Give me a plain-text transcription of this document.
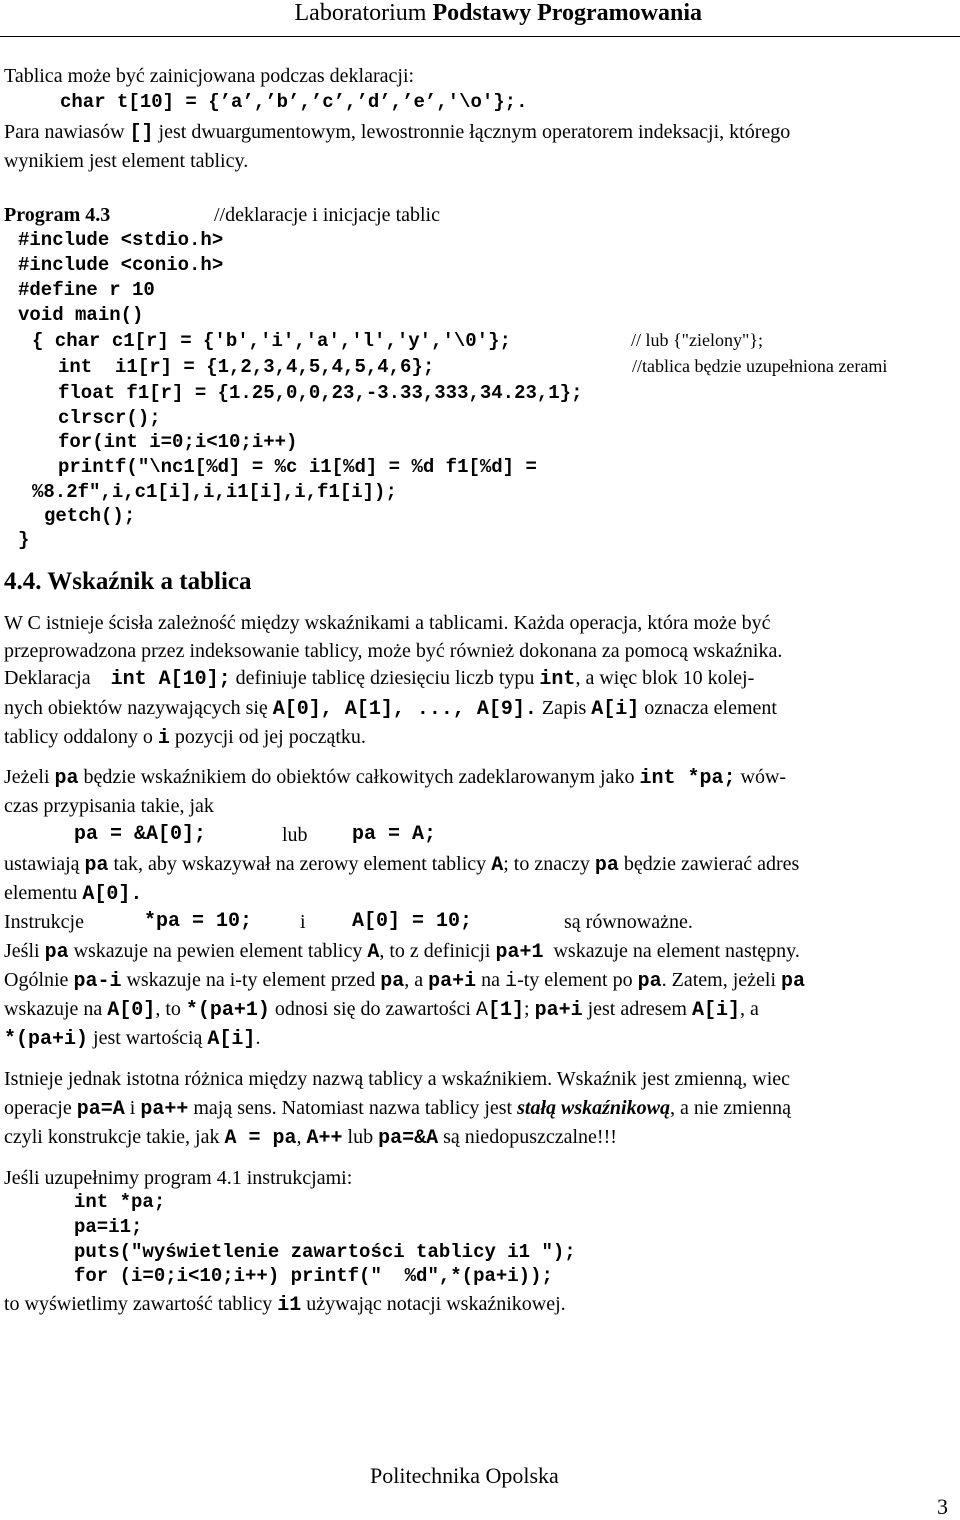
Laboratorium Podstawy Programowania
Tablica może być zainicjowana podczas deklaracji:
char t[10] = {’a’,’b’,’c’,’d’,’e’,'\o'};.
Para nawiasów [] jest dwuargumentowym, lewostronnie łącznym operatorem indeksacji, którego
wynikiem jest element tablicy.
Program 4.3	//deklaracje i inicjacje tablic
#include <stdio.h>
#include <conio.h>
#define r 10
void main()
{ char c1[r] = {'b','i','a','l','y','\0'};	// lub {"zielony"};
int  i1[r] = {1,2,3,4,5,4,5,4,6};	//tablica będzie uzupełniona zerami
float f1[r] = {1.25,0,0,23,-3.33,333,34.23,1};
clrscr();
for(int i=0;i<10;i++)
printf("\nc1[%d] = %c i1[%d] = %d f1[%d] =
%8.2f",i,c1[i],i,i1[i],i,f1[i]);
getch();
}
4.4. Wskaźnik a tablica
W C istnieje ścisła zależność między wskaźnikami a tablicami. Każda operacja, która może być
przeprowadzona przez indeksowanie tablicy, może być również dokonana za pomocą wskaźnika.
Deklaracja int A[10]; definiuje tablicę dziesięciu liczb typu int, a więc blok 10 kolej-
nych obiektów nazywających się A[0], A[1], ..., A[9]. Zapis A[i] oznacza element
tablicy oddalony o i pozycji od jej początku.
Jeżeli pa będzie wskaźnikiem do obiektów całkowitych zadeklarowanym jako int *pa; wów-
czas przypisania takie, jak
pa = &A[0];	lub pa = A;
ustawiają pa tak, aby wskazywał na zerowy element tablicy A; to znaczy pa będzie zawierać adres
elementu A[0].
Instrukcje	*pa = 10; i A[0] = 10;	są równoważne.
Jeśli pa wskazuje na pewien element tablicy A, to z definicji pa+1 wskazuje na element następny.
Ogólnie pa-i wskazuje na i-ty element przed pa, a pa+i na i-ty element po pa. Zatem, jeżeli pa
wskazuje na A[0], to *(pa+1) odnosi się do zawartości A[1]; pa+i jest adresem A[i], a
*(pa+i) jest wartością A[i].
Istnieje jednak istotna różnica między nazwą tablicy a wskaźnikiem. Wskaźnik jest zmienną, wiec
operacje pa=A i pa++ mają sens. Natomiast nazwa tablicy jest stałą wskaźnikową, a nie zmienną
czyli konstrukcje takie, jak A = pa, A++ lub pa=&A są niedopuszczalne!!!
Jeśli uzupełnimy program 4.1 instrukcjami:
int *pa;
pa=i1;
puts("wyświetlenie zawartości tablicy i1 ");
for (i=0;i<10;i++) printf("  %d",*(pa+i));
to wyświetlimy zawartość tablicy i1 używając notacji wskaźnikowej.
Politechnika Opolska
3
